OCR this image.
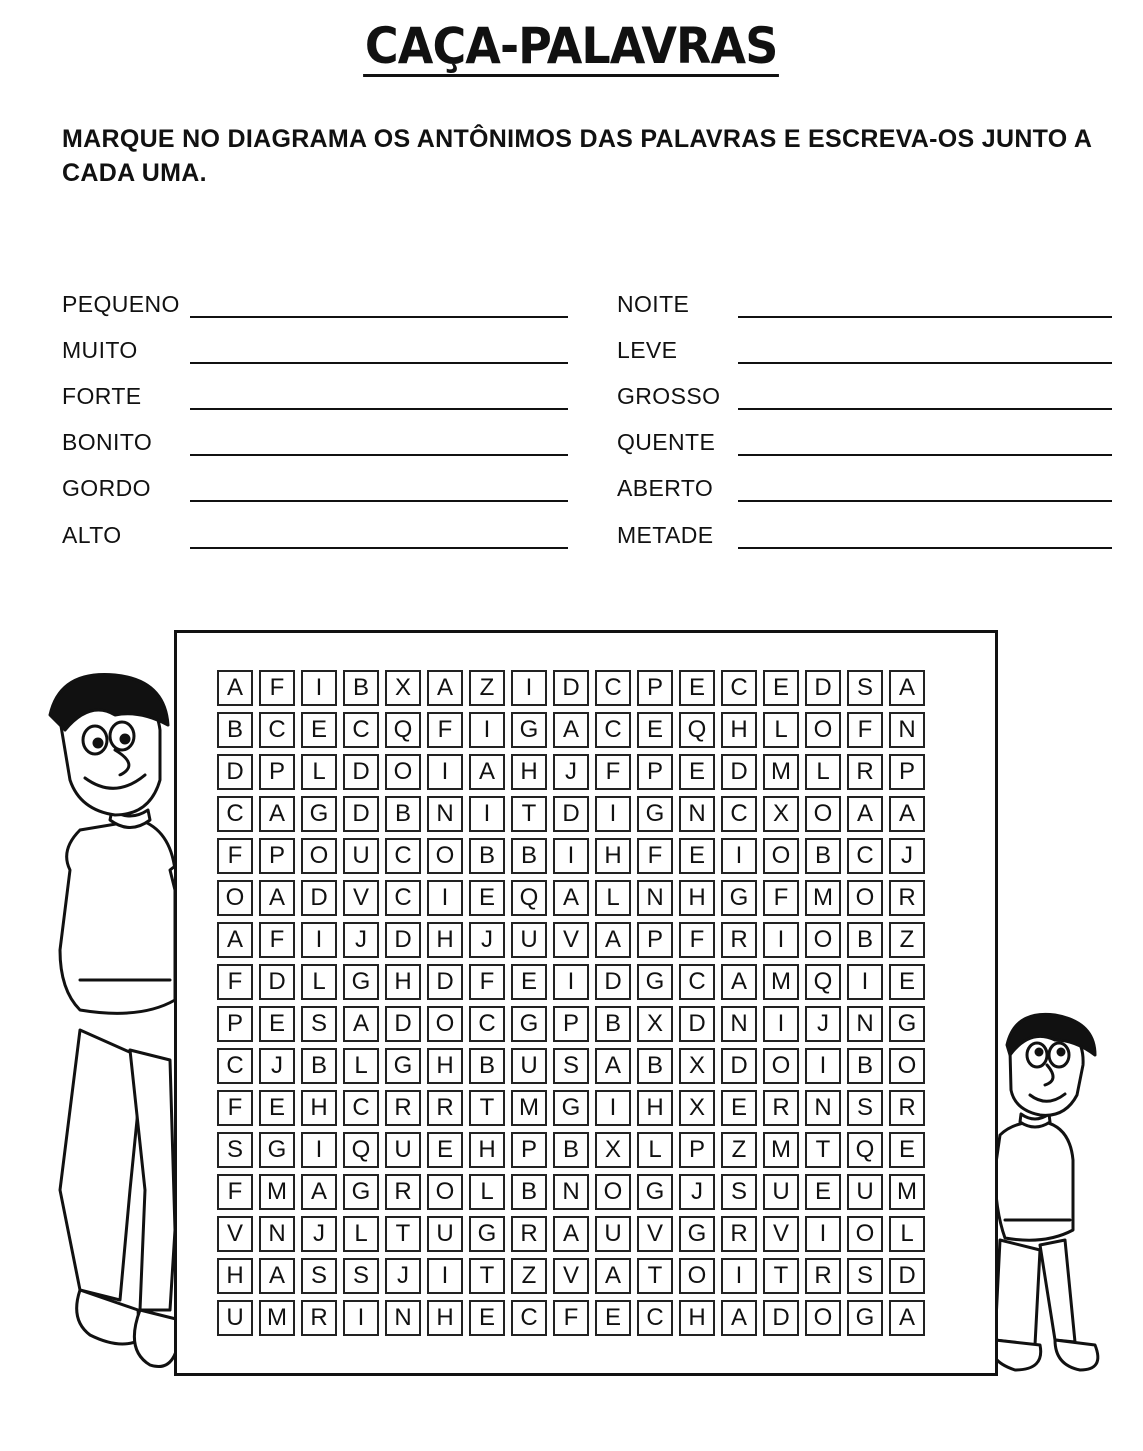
CAÇA-PALAVRAS
MARQUE NO DIAGRAMA OS ANTÔNIMOS DAS PALAVRAS E ESCREVA-OS JUNTO A CADA UMA.
PEQUENO
MUITO
FORTE
BONITO
GORDO
ALTO
NOITE
LEVE
GROSSO
QUENTE
ABERTO
METADE
A	F	I	B	X	A	Z	I	D	C	P	E	C	E	D	S	A
B	C	E	C Q	F	I	G	A	C	E	Q	H	L	O	F	N
D	P	L	D O	I	A	H	J	F	P	E	D M	L	R	P
C	A	G	D	B	N	I	T	D	I	G	N	C	X	O	A	A
F	P	O	U	C O	B	B	I	H	F	E	I	O	B	C	J
O	A	D	V	C	I	E	Q	A	L	N	H G	F	M O	R
A	F	I	J	D	H	J	U	V	A	P	F	R	I	O	B	Z
F	D	L	G	H	D	F	E	I	D G	C	A	M Q	I	E
P	E	S	A	D O	C G	P	B	X	D	N	I	J	N G
C	J	B	L	G	H	B	U	S	A	B	X	D O	I	B	O
F	E	H	C	R	R	T	M G	I	H	X	E	R	N	S	R
S	G	I	Q	U	E	H	P	B	X	L	P	Z	M	T	Q	E
F	M A	G	R O	L	B	N O G	J	S	U	E	U M
V	N	J	L	T	U G	R	A	U	V	G	R	V	I	O	L
H	A	S	S	J	I	T	Z	V	A	T	O	I	T	R	S	D
U M R	I	N	H	E	C	F	E	C	H	A	D O G	A
